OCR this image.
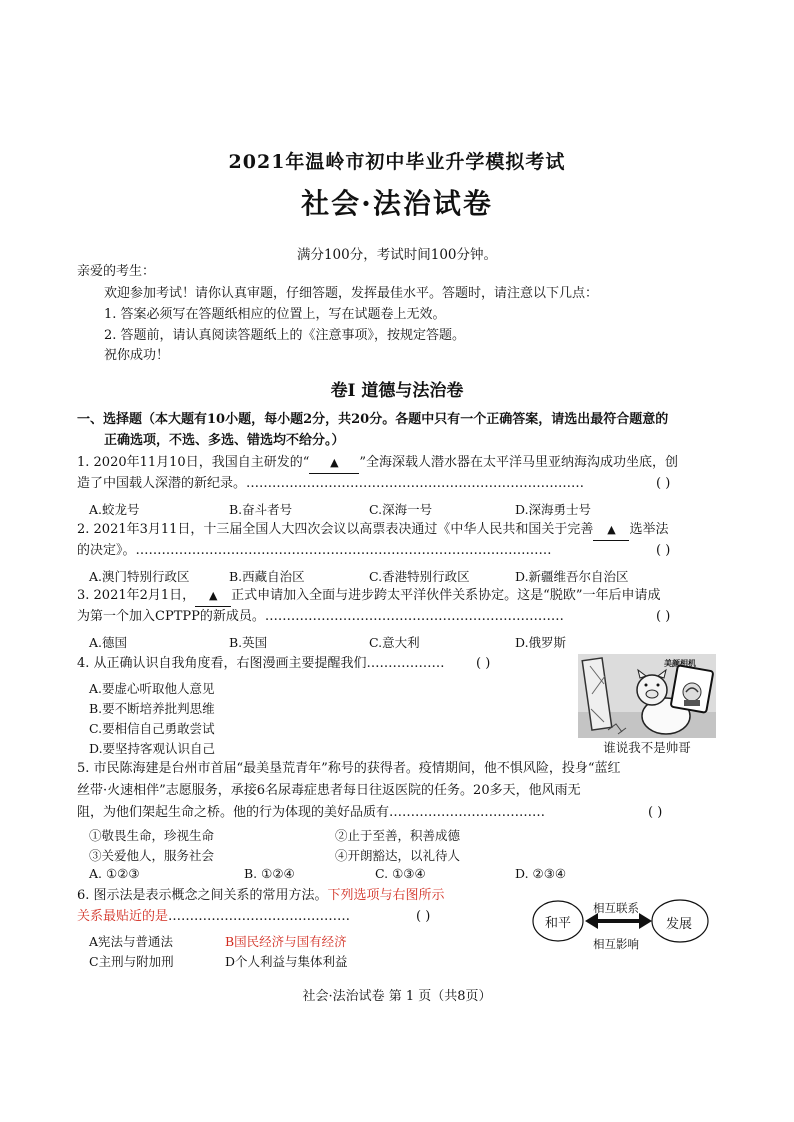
2021年温岭市初中毕业升学模拟考试
社会·法治试卷
满分100分，考试时间100分钟。
亲爱的考生：
欢迎参加考试！请你认真审题，仔细答题，发挥最佳水平。答题时，请注意以下几点：
1. 答案必须写在答题纸相应的位置上，写在试题卷上无效。
2. 答题前，请认真阅读答题纸上的《注意事项》，按规定答题。
祝你成功！
卷Ⅰ 道德与法治卷
一、选择题（本大题有10小题，每小题2分，共20分。各题中只有一个正确答案，请选出最符合题意的
正确选项，不选、多选、错选均不给分。）
1. 2020年11月10日，我国自主研发的“ ▲ ”全海深载人潜水器在太平洋马里亚纳海沟成功坐底，创
造了中国载人深潜的新纪录。……………………………………………………………………	( )
A.蛟龙号	B.奋斗者号	C.深海一号	D.深海勇士号
2. 2021年3月11日，十三届全国人大四次会议以高票表决通过《中华人民共和国关于完善 ▲ 选举法
的决定》。……………………………………………………………………………………	( )
A.澳门特别行政区	B.西藏自治区	C.香港特别行政区	D.新疆维吾尔自治区
3. 2021年2月1日， ▲ 正式申请加入全面与进步跨太平洋伙伴关系协定。这是“脱欧”一年后申请成
为第一个加入CPTPP的新成员。……………………………………………………………	( )
A.德国	B.英国	C.意大利	D.俄罗斯
4. 从正确认识自我角度看，右图漫画主要提醒我们……………… ( )
A.要虚心听取他人意见
B.要不断培养批判思维
C.要相信自己勇敢尝试
D.要坚持客观认识自己
美颜相机
谁说我不是帅哥
5. 市民陈海建是台州市首届“最美垦荒青年”称号的获得者。疫情期间，他不惧风险，投身“蓝红
丝带·火速相伴”志愿服务，承接6名尿毒症患者每日往返医院的任务。20多天，他风雨无
阻，为他们架起生命之桥。他的行为体现的美好品质有………………………………	( )
①敬畏生命，珍视生命	②止于至善，积善成德
③关爱他人，服务社会	④开朗豁达，以礼待人
A. ①②③	B. ①②④	C. ①③④	D. ②③④
6. 图示法是表示概念之间关系的常用方法。下列选项与右图所示
关系最贴近的是……………………………………	( )
A宪法与普通法	B国民经济与国有经济
C主刑与附加刑	D个人利益与集体利益
和平	发展
相互联系
相互影响
社会·法治试卷 第 1 页（共8页）
